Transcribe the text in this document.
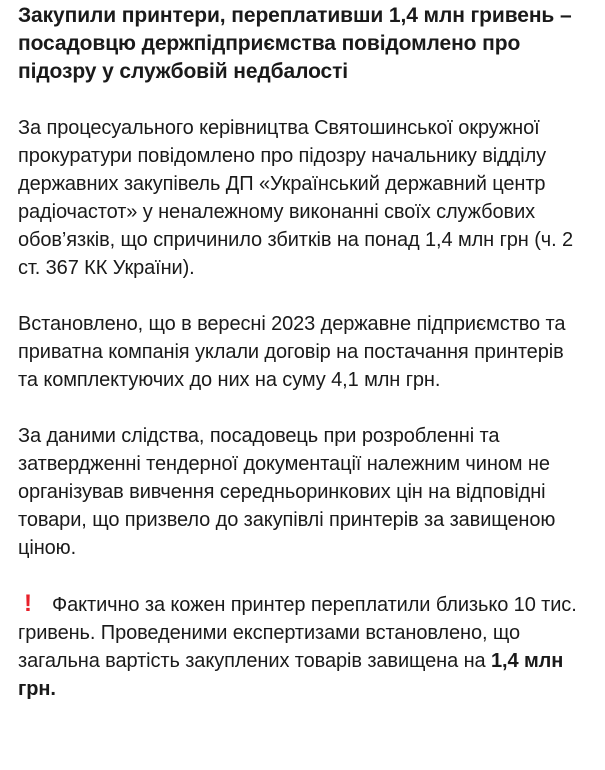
Закупили принтери, переплативши 1,4 млн гривень – посадовцю держпідприємства повідомлено про підозру у службовій недбалості

За процесуального керівництва Святошинської окружної прокуратури повідомлено про підозру начальнику відділу державних закупівель ДП «Український державний центр радіочастот» у неналежному виконанні своїх службових обов’язків, що спричинило збитків на понад 1,4 млн грн (ч. 2 ст. 367 КК України).

Встановлено, що в вересні 2023 державне підприємство та приватна компанія уклали договір на постачання принтерів та комплектуючих до них на суму 4,1 млн грн.

За даними слідства, посадовець при розробленні та затвердженні тендерної документації належним чином не організував вивчення середньоринкових цін на відповідні товари, що призвело до закупівлі принтерів за завищеною ціною.

! Фактично за кожен принтер переплатили близько 10 тис. гривень. Проведеними експертизами встановлено, що загальна вартість закуплених товарів завищена на 1,4 млн грн.
